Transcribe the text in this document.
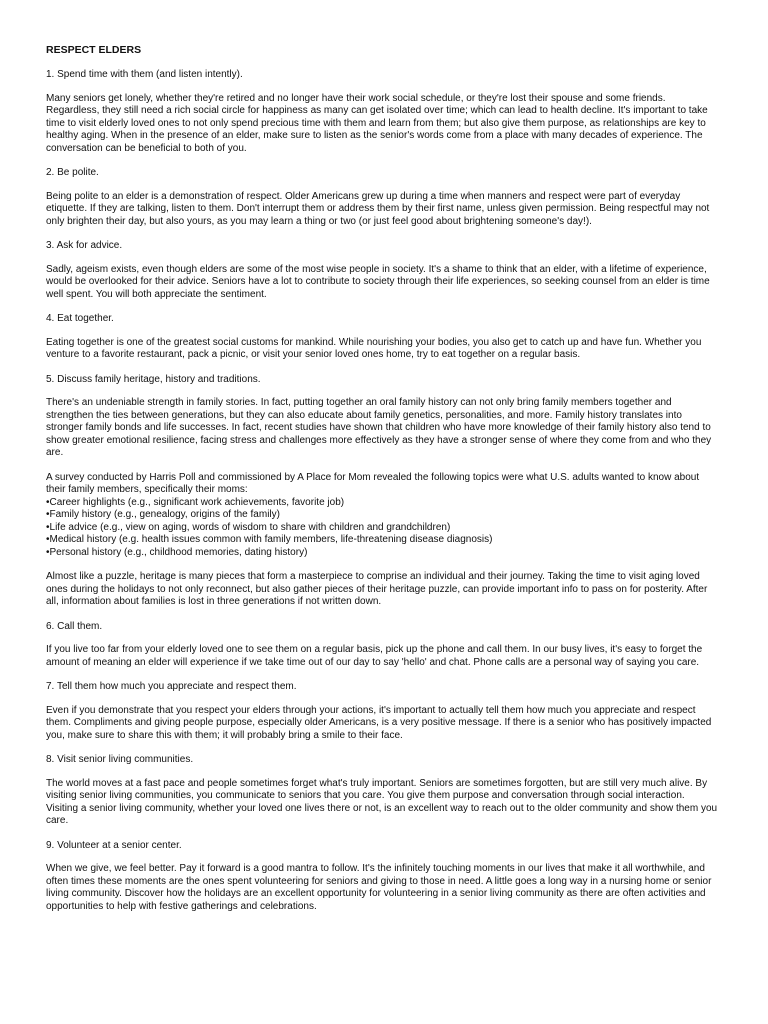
RESPECT ELDERS
1. Spend time with them (and listen intently).
Many seniors get lonely, whether they're retired and no longer have their work social schedule, or they're lost their spouse and some friends. Regardless, they still need a rich social circle for happiness as many can get isolated over time; which can lead to health decline. It's important to take time to visit elderly loved ones to not only spend precious time with them and learn from them; but also give them purpose, as relationships are key to healthy aging. When in the presence of an elder, make sure to listen as the senior's words come from a place with many decades of experience. The conversation can be beneficial to both of you.
2. Be polite.
Being polite to an elder is a demonstration of respect. Older Americans grew up during a time when manners and respect were part of everyday etiquette. If they are talking, listen to them. Don't interrupt them or address them by their first name, unless given permission. Being respectful may not only brighten their day, but also yours, as you may learn a thing or two (or just feel good about brightening someone's day!).
3. Ask for advice.
Sadly, ageism exists, even though elders are some of the most wise people in society. It's a shame to think that an elder, with a lifetime of experience, would be overlooked for their advice. Seniors have a lot to contribute to society through their life experiences, so seeking counsel from an elder is time well spent. You will both appreciate the sentiment.
4. Eat together.
Eating together is one of the greatest social customs for mankind. While nourishing your bodies, you also get to catch up and have fun. Whether you venture to a favorite restaurant, pack a picnic, or visit your senior loved ones home, try to eat together on a regular basis.
5. Discuss family heritage, history and traditions.
There's an undeniable strength in family stories. In fact, putting together an oral family history can not only bring family members together and strengthen the ties between generations, but they can also educate about family genetics, personalities, and more. Family history translates into stronger family bonds and life successes. In fact, recent studies have shown that children who have more knowledge of their family history also tend to show greater emotional resilience, facing stress and challenges more effectively as they have a stronger sense of where they come from and who they are.
A survey conducted by Harris Poll and commissioned by A Place for Mom revealed the following topics were what U.S. adults wanted to know about their family members, specifically their moms:
•Career highlights (e.g., significant work achievements, favorite job)
•Family history (e.g., genealogy, origins of the family)
•Life advice (e.g., view on aging, words of wisdom to share with children and grandchildren)
•Medical history (e.g. health issues common with family members, life-threatening disease diagnosis)
•Personal history (e.g., childhood memories, dating history)
Almost like a puzzle, heritage is many pieces that form a masterpiece to comprise an individual and their journey. Taking the time to visit aging loved ones during the holidays to not only reconnect, but also gather pieces of their heritage puzzle, can provide important info to pass on for posterity. After all, information about families is lost in three generations if not written down.
6. Call them.
If you live too far from your elderly loved one to see them on a regular basis, pick up the phone and call them. In our busy lives, it's easy to forget the amount of meaning an elder will experience if we take time out of our day to say 'hello' and chat. Phone calls are a personal way of saying you care.
7. Tell them how much you appreciate and respect them.
Even if you demonstrate that you respect your elders through your actions, it's important to actually tell them how much you appreciate and respect them. Compliments and giving people purpose, especially older Americans, is a very positive message. If there is a senior who has positively impacted you, make sure to share this with them; it will probably bring a smile to their face.
8. Visit senior living communities.
The world moves at a fast pace and people sometimes forget what's truly important. Seniors are sometimes forgotten, but are still very much alive. By visiting senior living communities, you communicate to seniors that you care. You give them purpose and conversation through social interaction. Visiting a senior living community, whether your loved one lives there or not, is an excellent way to reach out to the older community and show them you care.
9. Volunteer at a senior center.
When we give, we feel better. Pay it forward is a good mantra to follow. It's the infinitely touching moments in our lives that make it all worthwhile, and often times these moments are the ones spent volunteering for seniors and giving to those in need. A little goes a long way in a nursing home or senior living community. Discover how the holidays are an excellent opportunity for volunteering in a senior living community as there are often activities and opportunities to help with festive gatherings and celebrations.
